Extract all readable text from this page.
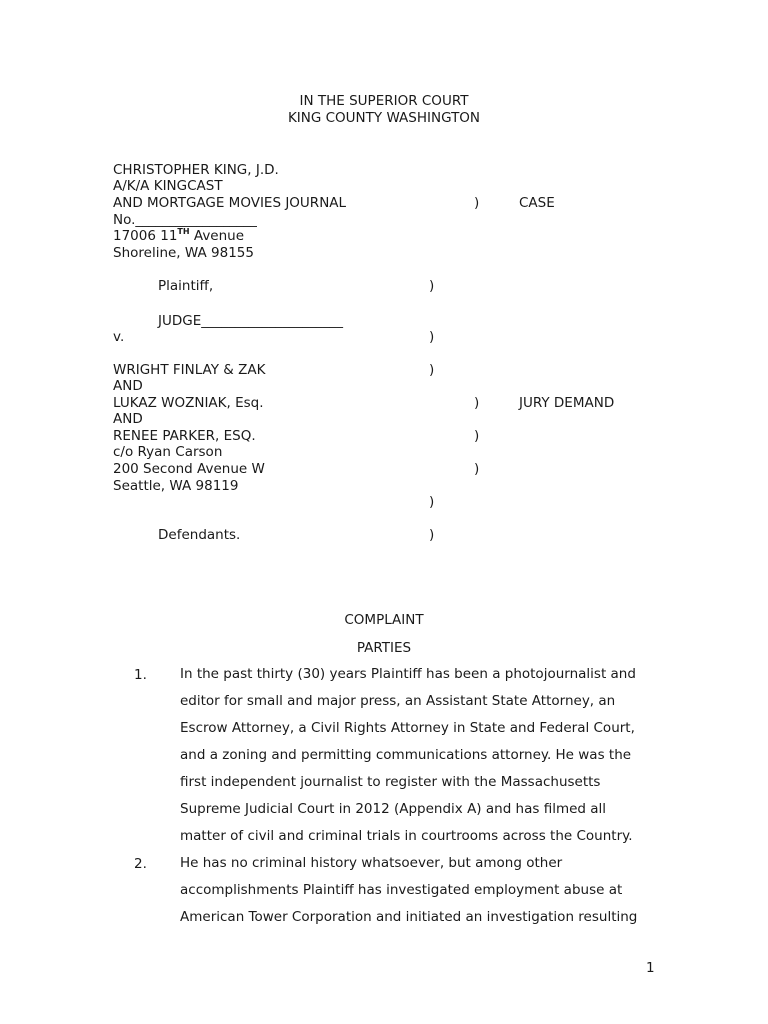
IN THE SUPERIOR COURT
KING COUNTY WASHINGTON
CHRISTOPHER KING, J.D.
A/K/A KINGCAST
AND MORTGAGE MOVIES JOURNAL	)	CASE
No.__________________
17006 11TH Avenue
Shoreline, WA 98155
Plaintiff,	)
JUDGE_____________________
v.	)
WRIGHT FINLAY & ZAK	)
AND
LUKAZ WOZNIAK, Esq.	)	JURY DEMAND
AND
RENEE PARKER, ESQ.	)
c/o Ryan Carson
200 Second Avenue W	)
Seattle, WA 98119
)
Defendants.	)
COMPLAINT
PARTIES
1. In the past thirty (30) years Plaintiff has been a photojournalist and
editor for small and major press, an Assistant State Attorney, an
Escrow Attorney, a Civil Rights Attorney in State and Federal Court,
and a zoning and permitting communications attorney. He was the
first independent journalist to register with the Massachusetts
Supreme Judicial Court in 2012 (Appendix A) and has filmed all
matter of civil and criminal trials in courtrooms across the Country.
2. He has no criminal history whatsoever, but among other
accomplishments Plaintiff has investigated employment abuse at
American Tower Corporation and initiated an investigation resulting
1
